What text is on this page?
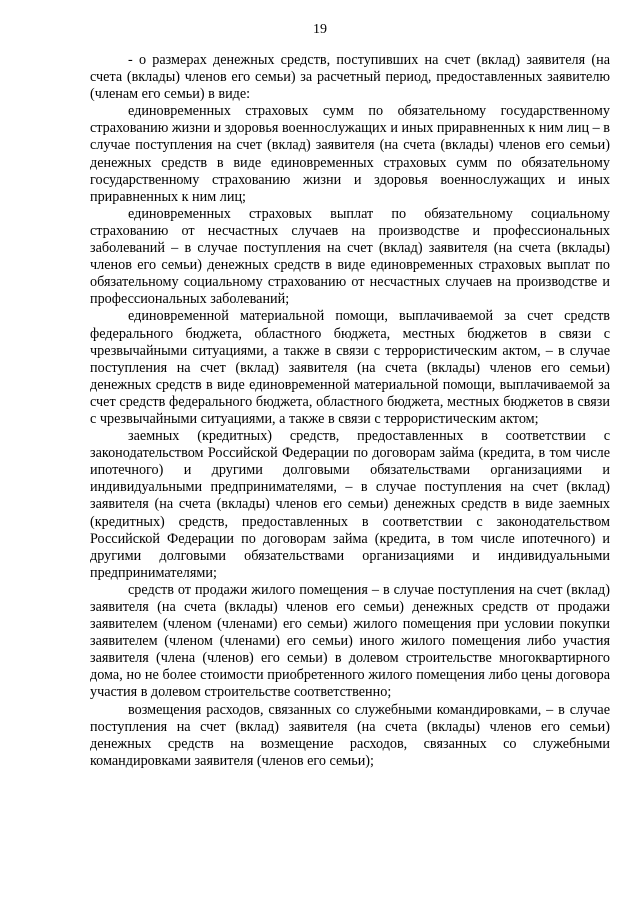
19

- о размерах денежных средств, поступивших на счет (вклад) заявителя (на счета (вклады) членов его семьи) за расчетный период, предоставленных заявителю (членам его семьи) в виде:

единовременных страховых сумм по обязательному государственному страхованию жизни и здоровья военнослужащих и иных приравненных к ним лиц – в случае поступления на счет (вклад) заявителя (на счета (вклады) членов его семьи) денежных средств в виде единовременных страховых сумм по обязательному государственному страхованию жизни и здоровья военнослужащих и иных приравненных к ним лиц;

единовременных страховых выплат по обязательному социальному страхованию от несчастных случаев на производстве и профессиональных заболеваний – в случае поступления на счет (вклад) заявителя (на счета (вклады) членов его семьи) денежных средств в виде единовременных страховых выплат по обязательному социальному страхованию от несчастных случаев на производстве и профессиональных заболеваний;

единовременной материальной помощи, выплачиваемой за счет средств федерального бюджета, областного бюджета, местных бюджетов в связи с чрезвычайными ситуациями, а также в связи с террористическим актом, – в случае поступления на счет (вклад) заявителя (на счета (вклады) членов его семьи) денежных средств в виде единовременной материальной помощи, выплачиваемой за счет средств федерального бюджета, областного бюджета, местных бюджетов в связи с чрезвычайными ситуациями, а также в связи с террористическим актом;

заемных (кредитных) средств, предоставленных в соответствии с законодательством Российской Федерации по договорам займа (кредита, в том числе ипотечного) и другими долговыми обязательствами организациями и индивидуальными предпринимателями, – в случае поступления на счет (вклад) заявителя (на счета (вклады) членов его семьи) денежных средств в виде заемных (кредитных) средств, предоставленных в соответствии с законодательством Российской Федерации по договорам займа (кредита, в том числе ипотечного) и другими долговыми обязательствами организациями и индивидуальными предпринимателями;

средств от продажи жилого помещения – в случае поступления на счет (вклад) заявителя (на счета (вклады) членов его семьи) денежных средств от продажи заявителем (членом (членами) его семьи) жилого помещения при условии покупки заявителем (членом (членами) его семьи) иного жилого помещения либо участия заявителя (члена (членов) его семьи) в долевом строительстве многоквартирного дома, но не более стоимости приобретенного жилого помещения либо цены договора участия в долевом строительстве соответственно;

возмещения расходов, связанных со служебными командировками, – в случае поступления на счет (вклад) заявителя (на счета (вклады) членов его семьи) денежных средств на возмещение расходов, связанных со служебными командировками заявителя (членов его семьи);
